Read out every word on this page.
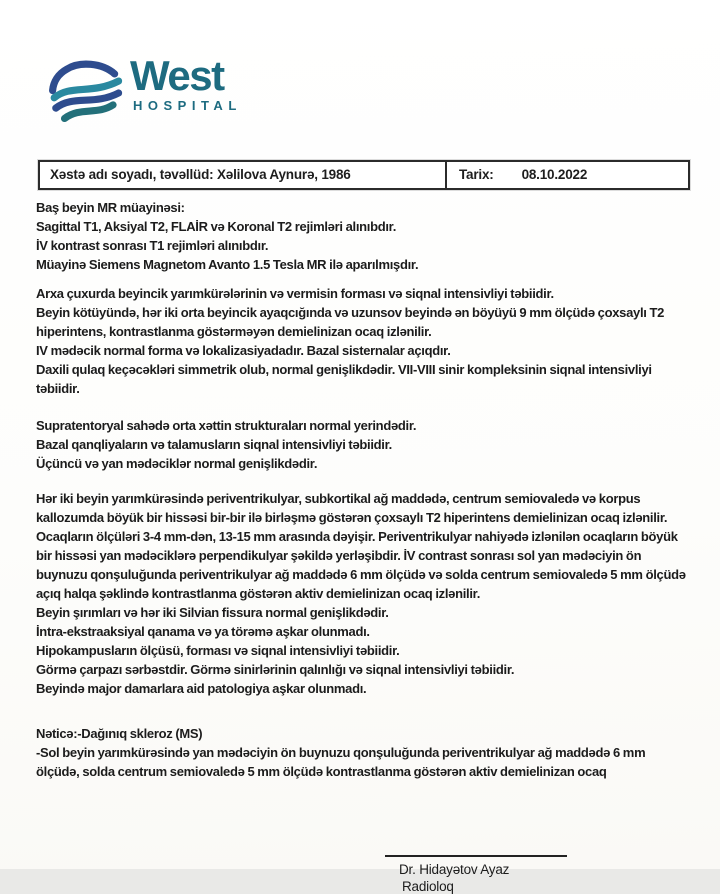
West
HOSPITAL
Xəstə adı soyadı, təvəllüd: Xəlilova Aynurə, 1986	Tarix: 08.10.2022
Baş beyin MR müayinəsi:
Sagittal T1, Aksiyal T2, FLAİR və Koronal T2 rejimləri alınıbdır.
İV kontrast sonrası T1 rejimləri alınıbdır.
Müayinə Siemens Magnetom Avanto 1.5 Tesla MR ilə aparılmışdır.
Arxa çuxurda beyincik yarımkürələrinin və vermisin forması və siqnal intensivliyi təbiidir.
Beyin kötüyündə, hər iki orta beyincik ayaqcığında və uzunsov beyində ən böyüyü 9 mm ölçüdə çoxsaylı T2 hiperintens, kontrastlanma göstərməyən demielinizan ocaq izlənilir.
IV mədəcik normal forma və lokalizasiyadadır. Bazal sisternalar açıqdır.
Daxili qulaq keçəcəkləri simmetrik olub, normal genişlikdədir. VII-VIII sinir kompleksinin siqnal intensivliyi təbiidir.
Supratentoryal sahədə orta xəttin strukturaları normal yerindədir.
Bazal qanqliyaların və talamusların siqnal intensivliyi təbiidir.
Üçüncü və yan mədəciklər normal genişlikdədir.
Hər iki beyin yarımkürəsində periventrikulyar, subkortikal ağ maddədə, centrum semiovaledə və korpus kallozumda böyük bir hissəsi bir-bir ilə birləşmə göstərən çoxsaylı T2 hiperintens demielinizan ocaq izlənilir.
Ocaqların ölçüləri 3-4 mm-dən, 13-15 mm arasında dəyişir. Periventrikulyar nahiyədə izlənilən ocaqların böyük bir hissəsi yan mədəciklərə perpendikulyar şəkildə yerləşibdir. İV contrast sonrası sol yan mədəciyin ön buynuzu qonşuluğunda periventrikulyar ağ maddədə 6 mm ölçüdə və solda centrum semiovaledə 5 mm ölçüdə açıq halqa şəklində kontrastlanma göstərən aktiv demielinizan ocaq izlənilir.
Beyin şırımları və hər iki Silvian fissura normal genişlikdədir.
İntra-ekstraaksiyal qanama və ya törəmə aşkar olunmadı.
Hipokampusların ölçüsü, forması və siqnal intensivliyi təbiidir.
Görmə çarpazı sərbəstdir. Görmə sinirlərinin qalınlığı və siqnal intensivliyi təbiidir.
Beyində major damarlara aid patologiya aşkar olunmadı.
Nəticə:-Dağınıq skleroz (MS)
-Sol beyin yarımkürəsində yan mədəciyin ön buynuzu qonşuluğunda periventrikulyar ağ maddədə 6 mm ölçüdə, solda centrum semiovaledə 5 mm ölçüdə kontrastlanma göstərən aktiv demielinizan ocaq
Dr. Hidayətov Ayaz
Radioloq
